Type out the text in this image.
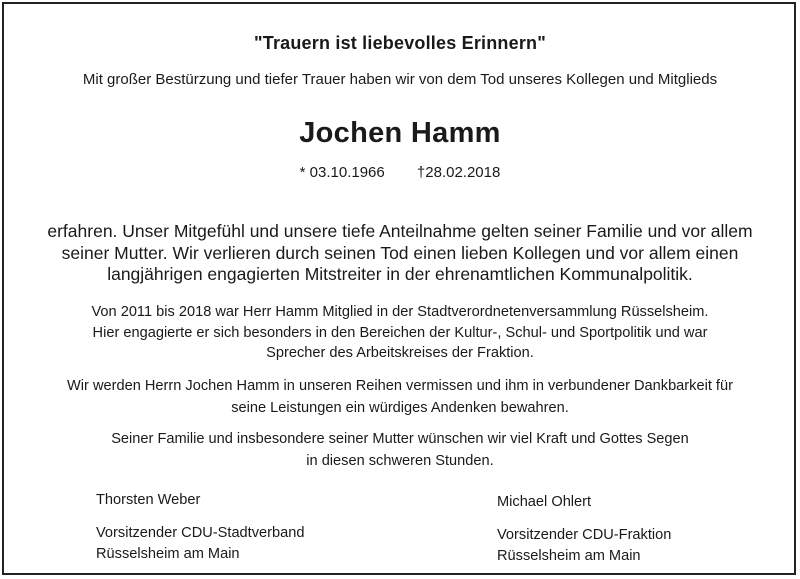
"Trauern ist liebevolles Erinnern"
Mit großer Bestürzung und tiefer Trauer haben wir von dem Tod unseres Kollegen und Mitglieds
Jochen Hamm
* 03.10.1966 †28.02.2018
erfahren. Unser Mitgefühl und unsere tiefe Anteilnahme gelten seiner Familie und vor allem
seiner Mutter. Wir verlieren durch seinen Tod einen lieben Kollegen und vor allem einen
langjährigen engagierten Mitstreiter in der ehrenamtlichen Kommunalpolitik.
Von 2011 bis 2018 war Herr Hamm Mitglied in der Stadtverordnetenversammlung Rüsselsheim.
Hier engagierte er sich besonders in den Bereichen der Kultur-, Schul- und Sportpolitik und war
Sprecher des Arbeitskreises der Fraktion.
Wir werden Herrn Jochen Hamm in unseren Reihen vermissen und ihm in verbundener Dankbarkeit für
seine Leistungen ein würdiges Andenken bewahren.
Seiner Familie und insbesondere seiner Mutter wünschen wir viel Kraft und Gottes Segen
in diesen schweren Stunden.
Thorsten Weber
Vorsitzender CDU-Stadtverband
Rüsselsheim am Main
Michael Ohlert
Vorsitzender CDU-Fraktion
Rüsselsheim am Main
